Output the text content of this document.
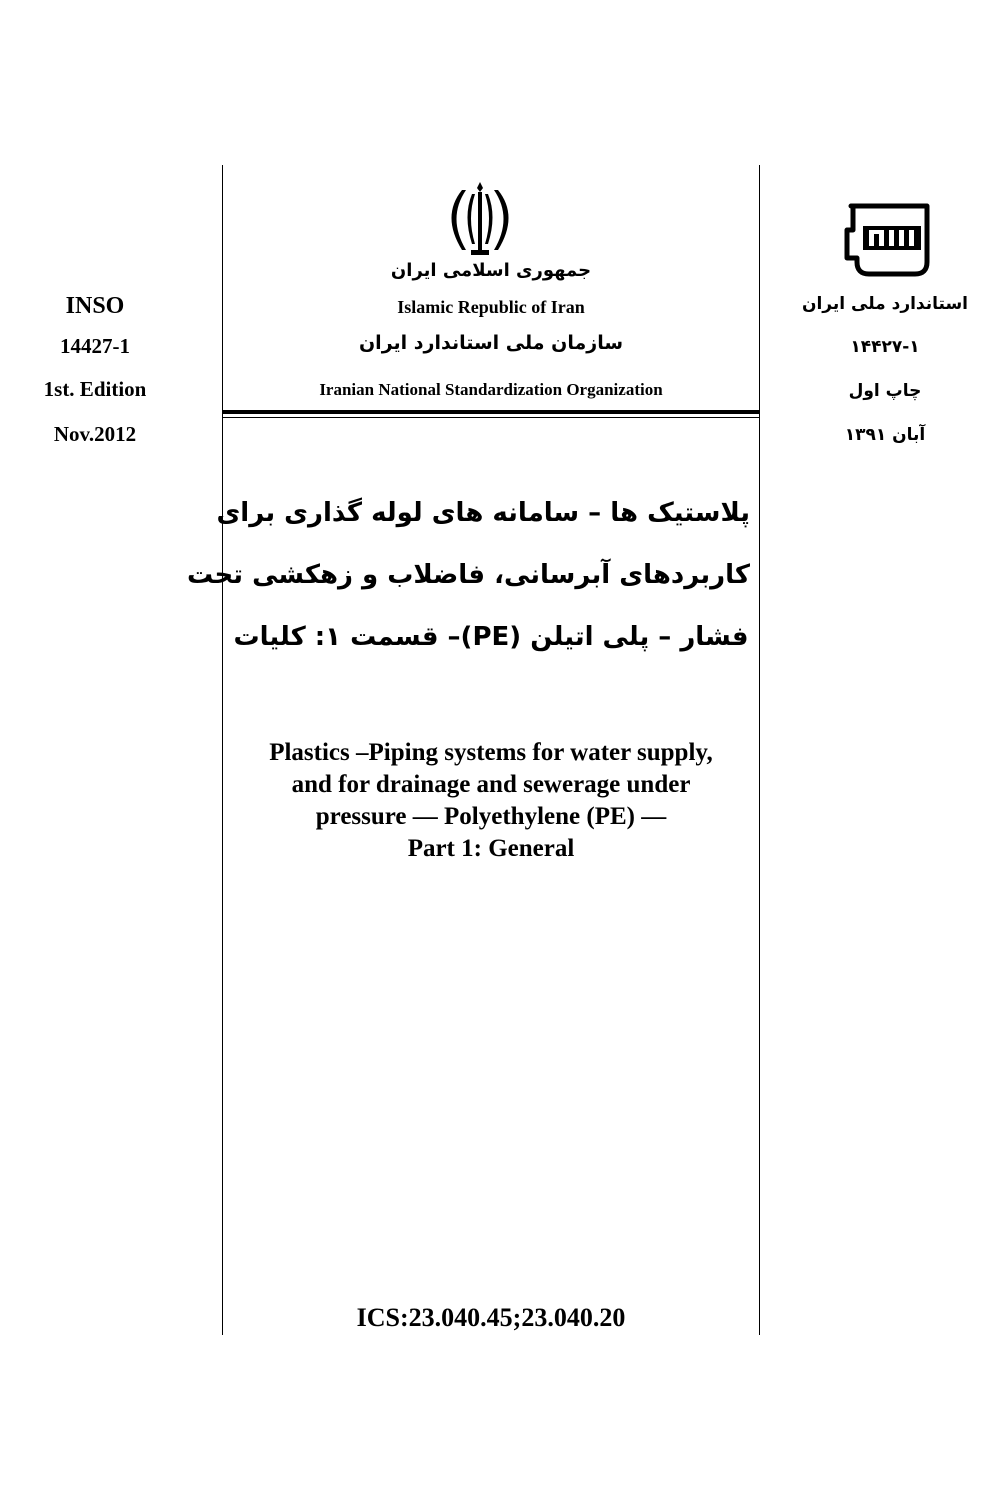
INSO
14427-1
1st. Edition
Nov.2012
استاندارد ملی ایران
۱۴۴۲۷-۱
چاپ اول
آبان ۱۳۹۱
جمهوری اسلامی ایران
Islamic Republic of Iran
سازمان ملی استاندارد ایران
Iranian National Standardization Organization
پلاستیک ها – سامانه های لوله گذاری برای
کاربردهای آبرسانی، فاضلاب و زهکشی تحت
فشار – پلی اتیلن (PE)– قسمت ۱: کلیات
Plastics –Piping systems for water supply,
and for drainage and sewerage under
pressure — Polyethylene (PE) —
Part 1: General
ICS:23.040.45;23.040.20
